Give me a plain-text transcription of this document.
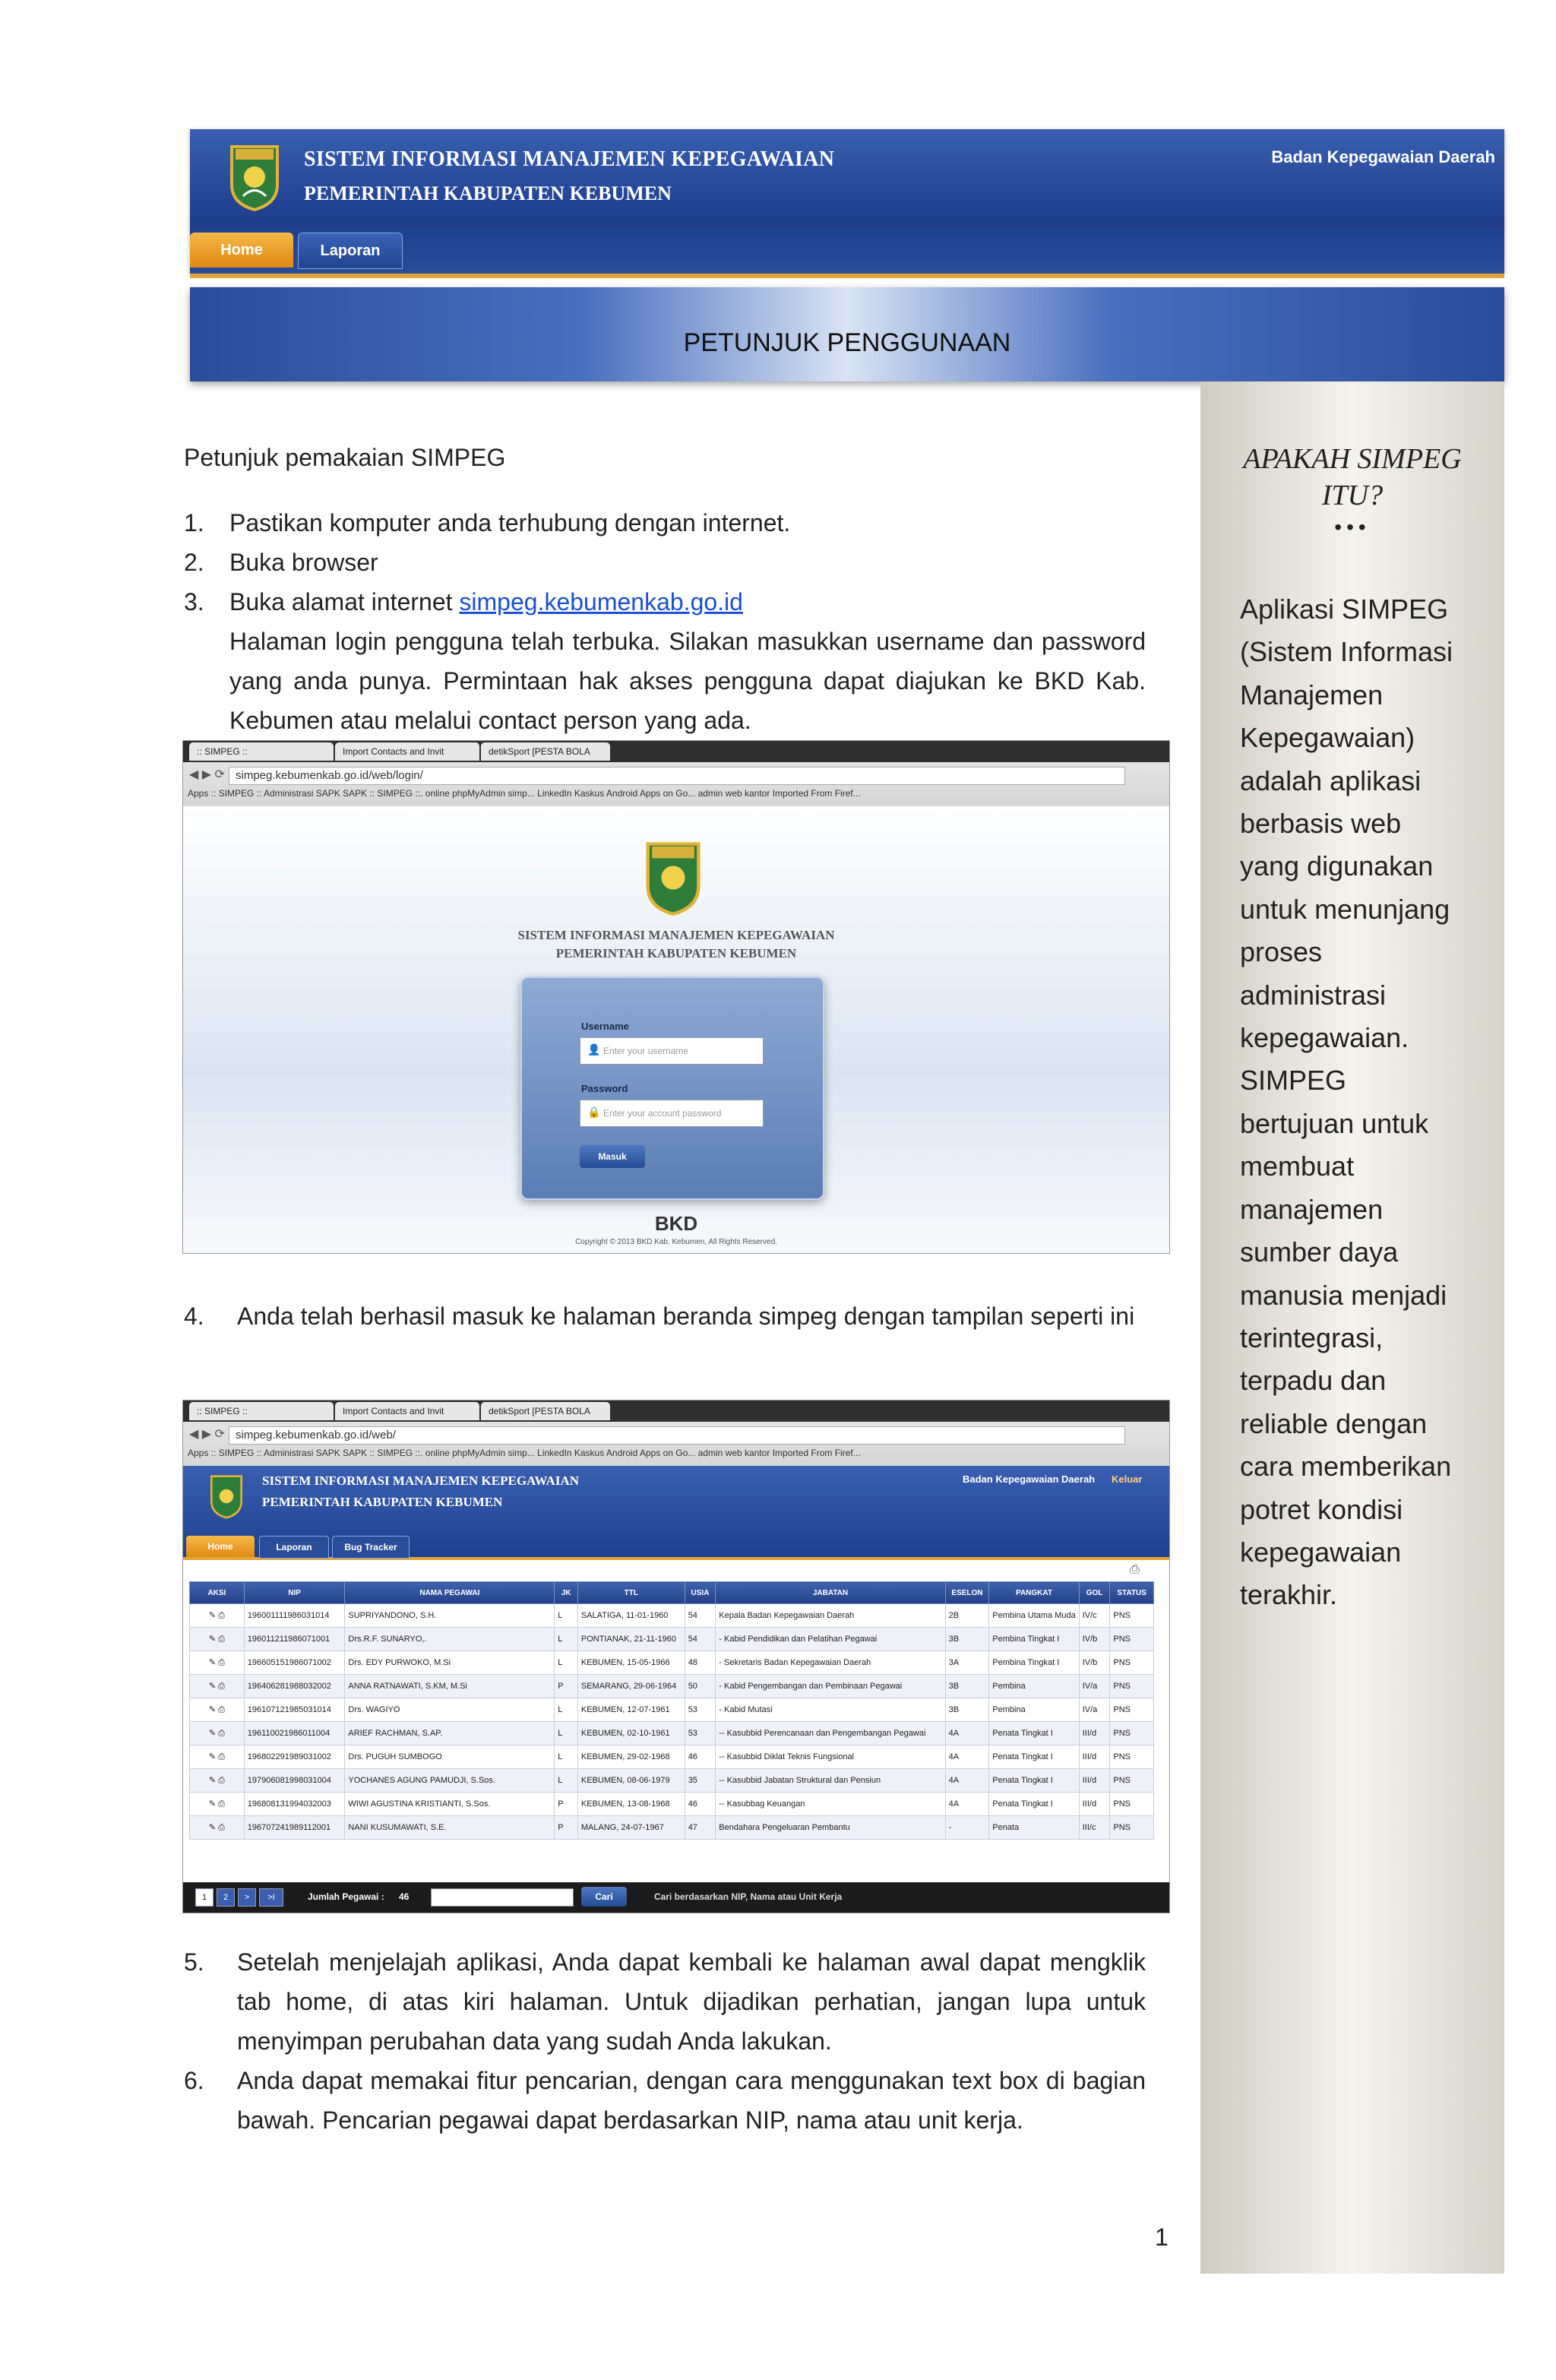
SISTEM INFORMASI MANAJEMEN KEPEGAWAIAN
PEMERINTAH KABUPATEN KEBUMEN
Badan Kepegawaian Daerah
Home	Laporan
PETUNJUK PENGGUNAAN
APAKAH SIMPEG ITU?
•••
Aplikasi SIMPEG
(Sistem Informasi
Manajemen
Kepegawaian)
adalah aplikasi
berbasis web
yang digunakan
untuk menunjang
proses
administrasi
kepegawaian.
SIMPEG
bertujuan untuk
membuat
manajemen
sumber daya
manusia menjadi
terintegrasi,
terpadu dan
reliable dengan
cara memberikan
potret kondisi
kepegawaian
terakhir.
Petunjuk pemakaian SIMPEG
1. Pastikan komputer anda terhubung dengan internet.
2. Buka browser
3. Buka alamat internet simpeg.kebumenkab.go.id
Halaman login pengguna telah terbuka. Silakan masukkan username dan password yang anda punya. Permintaan hak akses pengguna dapat diajukan ke BKD Kab. Kebumen atau melalui contact person yang ada.
:: SIMPEG ::	Import Contacts and Invit	detikSport [PESTA BOLA
◀ ▶ ⟳ simpeg.kebumenkab.go.id/web/login/
Apps :: SIMPEG :: Administrasi SAPK SAPK :: SIMPEG ::. online phpMyAdmin simp... LinkedIn Kaskus Android Apps on Go... admin web kantor Imported From Firef...
SISTEM INFORMASI MANAJEMEN KEPEGAWAIAN
PEMERINTAH KABUPATEN KEBUMEN
Username
Enter your username
👤
Password
Enter your account password
🔒
Masuk
BKD
Copyright © 2013 BKD Kab. Kebumen, All Rights Reserved.
4. Anda telah berhasil masuk ke halaman beranda simpeg dengan tampilan seperti ini
:: SIMPEG ::	Import Contacts and Invit	detikSport [PESTA BOLA
◀ ▶ ⟳ simpeg.kebumenkab.go.id/web/
Apps :: SIMPEG :: Administrasi SAPK SAPK :: SIMPEG ::. online phpMyAdmin simp... LinkedIn Kaskus Android Apps on Go... admin web kantor Imported From Firef...
SISTEM INFORMASI MANAJEMEN KEPEGAWAIAN
PEMERINTAH KABUPATEN KEBUMEN
Badan Kepegawaian Daerah Keluar
Home	Laporan	Bug Tracker
⎙
AKSI	NIP	NAMA PEGAWAI	JK	TTL	USIA	JABATAN	ESELON	PANGKAT	GOL	STATUS
✎ ⎙	196001111986031014	SUPRIYANDONO, S.H.	L	SALATIGA, 11-01-1960	54	Kepala Badan Kepegawaian Daerah	2B	Pembina Utama Muda	IV/c	PNS
✎ ⎙	196011211986071001	Drs.R.F. SUNARYO,.	L	PONTIANAK, 21-11-1960	54	- Kabid Pendidikan dan Pelatihan Pegawai	3B	Pembina Tingkat I	IV/b	PNS
✎ ⎙	196605151986071002	Drs. EDY PURWOKO, M.Si	L	KEBUMEN, 15-05-1966	48	- Sekretaris Badan Kepegawaian Daerah	3A	Pembina Tingkat I	IV/b	PNS
✎ ⎙	196406281988032002	ANNA RATNAWATI, S.KM, M.Si	P	SEMARANG, 29-06-1964	50	- Kabid Pengembangan dan Pembinaan Pegawai	3B	Pembina	IV/a	PNS
✎ ⎙	196107121985031014	Drs. WAGIYO	L	KEBUMEN, 12-07-1961	53	- Kabid Mutasi	3B	Pembina	IV/a	PNS
✎ ⎙	196110021986011004	ARIEF RACHMAN, S.AP.	L	KEBUMEN, 02-10-1961	53	-- Kasubbid Perencanaan dan Pengembangan Pegawai	4A	Penata Tingkat I	III/d	PNS
✎ ⎙	196802291989031002	Drs. PUGUH SUMBOGO	L	KEBUMEN, 29-02-1968	46	-- Kasubbid Diklat Teknis Fungsional	4A	Penata Tingkat I	III/d	PNS
✎ ⎙	197906081998031004	YOCHANES AGUNG PAMUDJI, S.Sos.	L	KEBUMEN, 08-06-1979	35	-- Kasubbid Jabatan Struktural dan Pensiun	4A	Penata Tingkat I	III/d	PNS
✎ ⎙	196808131994032003	WIWI AGUSTINA KRISTIANTI, S.Sos.	P	KEBUMEN, 13-08-1968	46	-- Kasubbag Keuangan	4A	Penata Tingkat I	III/d	PNS
✎ ⎙	196707241989112001	NANI KUSUMAWATI, S.E.	P	MALANG, 24-07-1967	47	Bendahara Pengeluaran Pembantu	-	Penata	III/c	PNS
1	2	>	>I	Jumlah Pegawai : 46	Cari	Cari berdasarkan NIP, Nama atau Unit Kerja
5. Setelah menjelajah aplikasi, Anda dapat kembali ke halaman awal dapat mengklik tab home, di atas kiri halaman. Untuk dijadikan perhatian, jangan lupa untuk menyimpan perubahan data yang sudah Anda lakukan.
6. Anda dapat memakai fitur pencarian, dengan cara menggunakan text box di bagian bawah. Pencarian pegawai dapat berdasarkan NIP, nama atau unit kerja.
1
